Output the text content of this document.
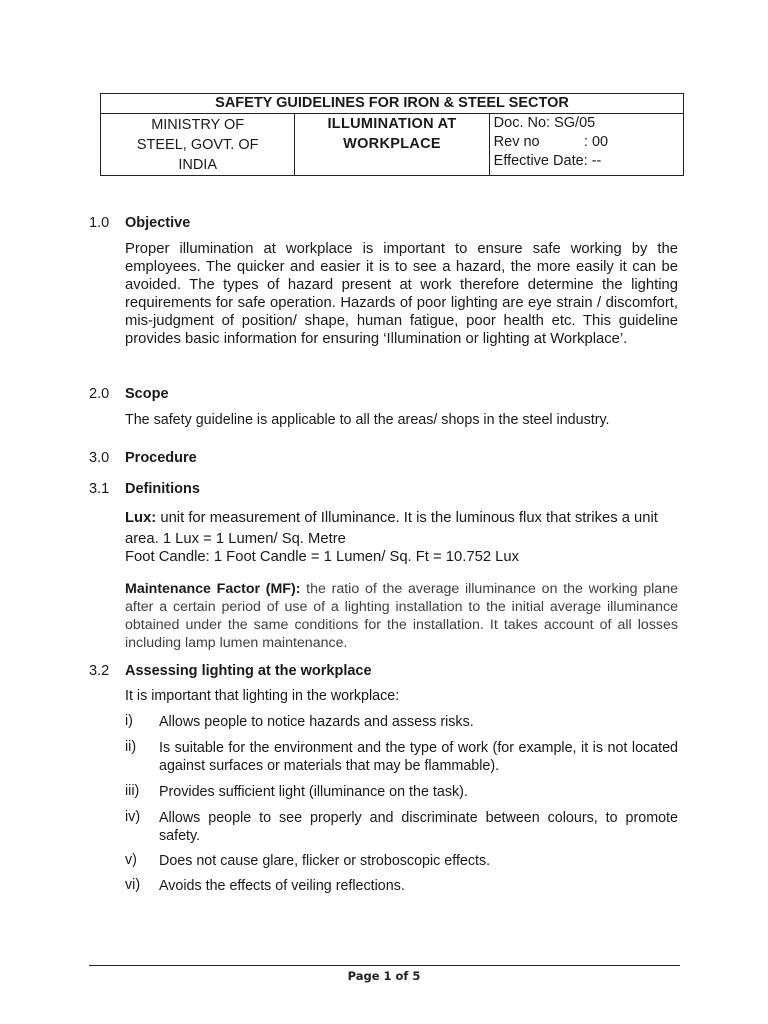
SAFETY GUIDELINES FOR IRON & STEEL SECTOR

MINISTRY OF
STEEL, GOVT. OF
INDIA

ILLUMINATION AT
WORKPLACE

Doc. No: SG/05
Rev no           : 00
Effective Date: --
1.0 Objective
Proper illumination at workplace is important to ensure safe working by the employees. The quicker and easier it is to see a hazard, the more easily it can be avoided. The types of hazard present at work therefore determine the lighting requirements for safe operation. Hazards of poor lighting are eye strain / discomfort, mis-judgment of position/ shape, human fatigue, poor health etc. This guideline provides basic information for ensuring ‘Illumination or lighting at Workplace’.
2.0 Scope
The safety guideline is applicable to all the areas/ shops in the steel industry.
3.0 Procedure
3.1 Definitions
Lux: unit for measurement of Illuminance. It is the luminous flux that strikes a unit area. 1 Lux = 1 Lumen/ Sq. Metre
Foot Candle: 1 Foot Candle = 1 Lumen/ Sq. Ft = 10.752 Lux
Maintenance Factor (MF): the ratio of the average illuminance on the working plane after a certain period of use of a lighting installation to the initial average illuminance obtained under the same conditions for the installation. It takes account of all losses including lamp lumen maintenance.
3.2 Assessing lighting at the workplace
It is important that lighting in the workplace:
i) Allows people to notice hazards and assess risks.
ii) Is suitable for the environment and the type of work (for example, it is not located against surfaces or materials that may be flammable).
iii) Provides sufficient light (illuminance on the task).
iv) Allows people to see properly and discriminate between colours, to promote safety.
v) Does not cause glare, flicker or stroboscopic effects.
vi) Avoids the effects of veiling reflections.
Page 1 of 5
